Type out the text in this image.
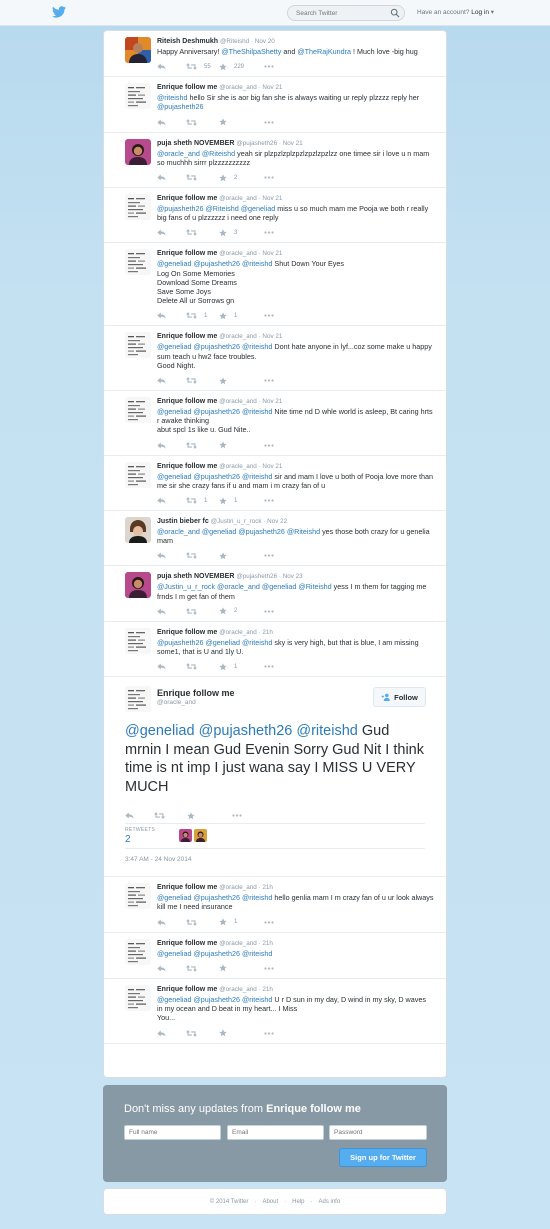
Search Twitter
Have an account? Log in ▾
Riteish Deshmukh @Riteishd · Nov 20
Happy Anniversary! @TheShilpaShetty and @TheRajKundra ! Much love -big hug
55	229
Enrique follow me @oracle_and · Nov 21
@riteishd hello Sir she is aor big fan she is always waiting ur reply plzzzz reply her @pujasheth26
puja sheth NOVEMBER @pujasheth26 · Nov 21
@oracle_and @Riteishd yeah sir plzpzlzplzpzlzpzlzpzlzz one timee sir i love u n mam so muchhh sirrr plzzzzzzzzzz
2
Enrique follow me @oracle_and · Nov 21
@pujasheth26 @Riteishd @geneliad miss u so much mam me Pooja we both r really big fans of u plzzzzzz i need one reply
3
Enrique follow me @oracle_and · Nov 21
@geneliad @pujasheth26 @riteishd Shut Down Your Eyes
Log On Some Memories
Download Some Dreams
Save Some Joys
Delete All ur Sorrows gn
1	1
Enrique follow me @oracle_and · Nov 21
@geneliad @pujasheth26 @riteishd Dont hate anyone in lyf...coz some make u happy
sum teach u hw2 face troubles.
Good Night.
Enrique follow me @oracle_and · Nov 21
@geneliad @pujasheth26 @riteishd Nite time nd D whle world is asleep, Bt caring hrts r awake thinking
abut spcl 1s like u. Gud Nite..
Enrique follow me @oracle_and · Nov 21
@geneliad @pujasheth26 @riteishd sir and mam I love u both of Pooja love more than me sir she crazy fans if u and mam i m crazy fan of u
1	1
Justin bieber fc @Justin_u_r_rock · Nov 22
@oracle_and @geneliad @pujasheth26 @Riteishd yes those both crazy for u genelia mam
puja sheth NOVEMBER @pujasheth26 · Nov 23
@Justin_u_r_rock @oracle_and @geneliad @Riteishd yess I m them for tagging me frnds I m get fan of them
2
Enrique follow me @oracle_and · 21h
@pujasheth26 @geneliad @riteishd sky is very high, but that is blue, I am missing
some1, that is U and 1ly U.
1
Enrique follow me
@oracle_and
Follow
@geneliad @pujasheth26 @riteishd Gud mrnin I mean Gud Evenin Sorry Gud Nit I think time is nt imp I just wana say I MISS U VERY MUCH
RETWEETS
2
3:47 AM - 24 Nov 2014
Enrique follow me @oracle_and · 21h
@geneliad @pujasheth26 @riteishd hello genlia mam I m crazy fan of u ur look always kill me I need insurance
1
Enrique follow me @oracle_and · 21h
@geneliad @pujasheth26 @riteishd
Enrique follow me @oracle_and · 21h
@geneliad @pujasheth26 @riteishd U r D sun in my day, D wind in my sky, D waves
in my ocean and D beat in my heart... I Miss
You...
Don't miss any updates from Enrique follow me
Full name
Email
Password
Sign up for Twitter
© 2014 Twitter · About · Help · Ads info
